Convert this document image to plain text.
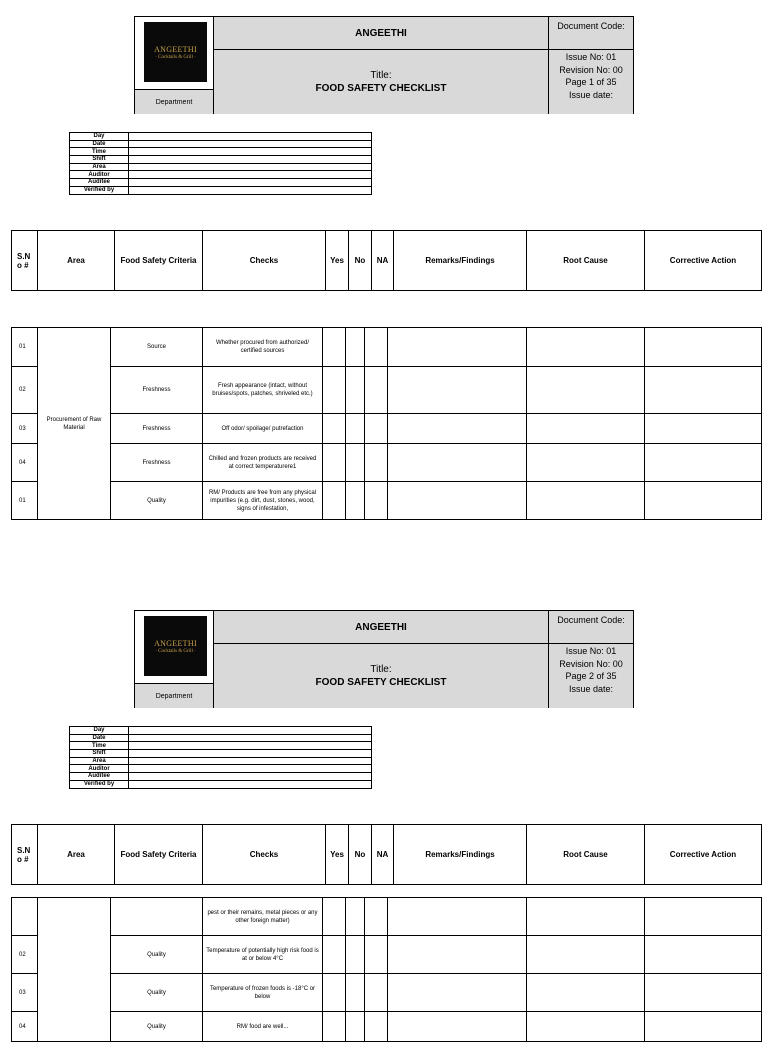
ANGEETHI
· Cocktails & Grill ·
Department
ANGEETHI
Title:
FOOD SAFETY CHECKLIST
Document Code:
Issue No: 01
Revision No: 00
Page 1 of 35
Issue date:
Day	
Date	
Time	
Shift	
Area	
Auditor	
Auditee	
Verified by	
S.N o #	Area	Food Safety Criteria	Checks	Yes	No	NA	Remarks/Findings	Root Cause	Corrective Action
01	Procurement of Raw Material	Source	Whether procured from authorized/ certified sources						
02		Freshness	Fresh appearance (intact, without bruises/spots, patches, shriveled etc.)						
03		Freshness	Off odor/ spoilage/ putrefaction						
04		Freshness	Chilled and frozen products are received at correct temperaturere1						
01		Quality	RM/ Products are free from any physical impurities (e.g. dirt, dust, stones, wood, signs of infestation,						
ANGEETHI
· Cocktails & Grill ·
Department
ANGEETHI
Title:
FOOD SAFETY CHECKLIST
Document Code:
Issue No: 01
Revision No: 00
Page 2 of 35
Issue date:
Day	
Date	
Time	
Shift	
Area	
Auditor	
Auditee	
Verified by	
S.N o #	Area	Food Safety Criteria	Checks	Yes	No	NA	Remarks/Findings	Root Cause	Corrective Action
			pest or their remains, metal pieces or any other foreign matter)						
02		Quality	Temperature of potentially high risk food is at or below 4°C						
03		Quality	Temperature of frozen foods is -18°C or below						
04		Quality	RM/ food are well...						
